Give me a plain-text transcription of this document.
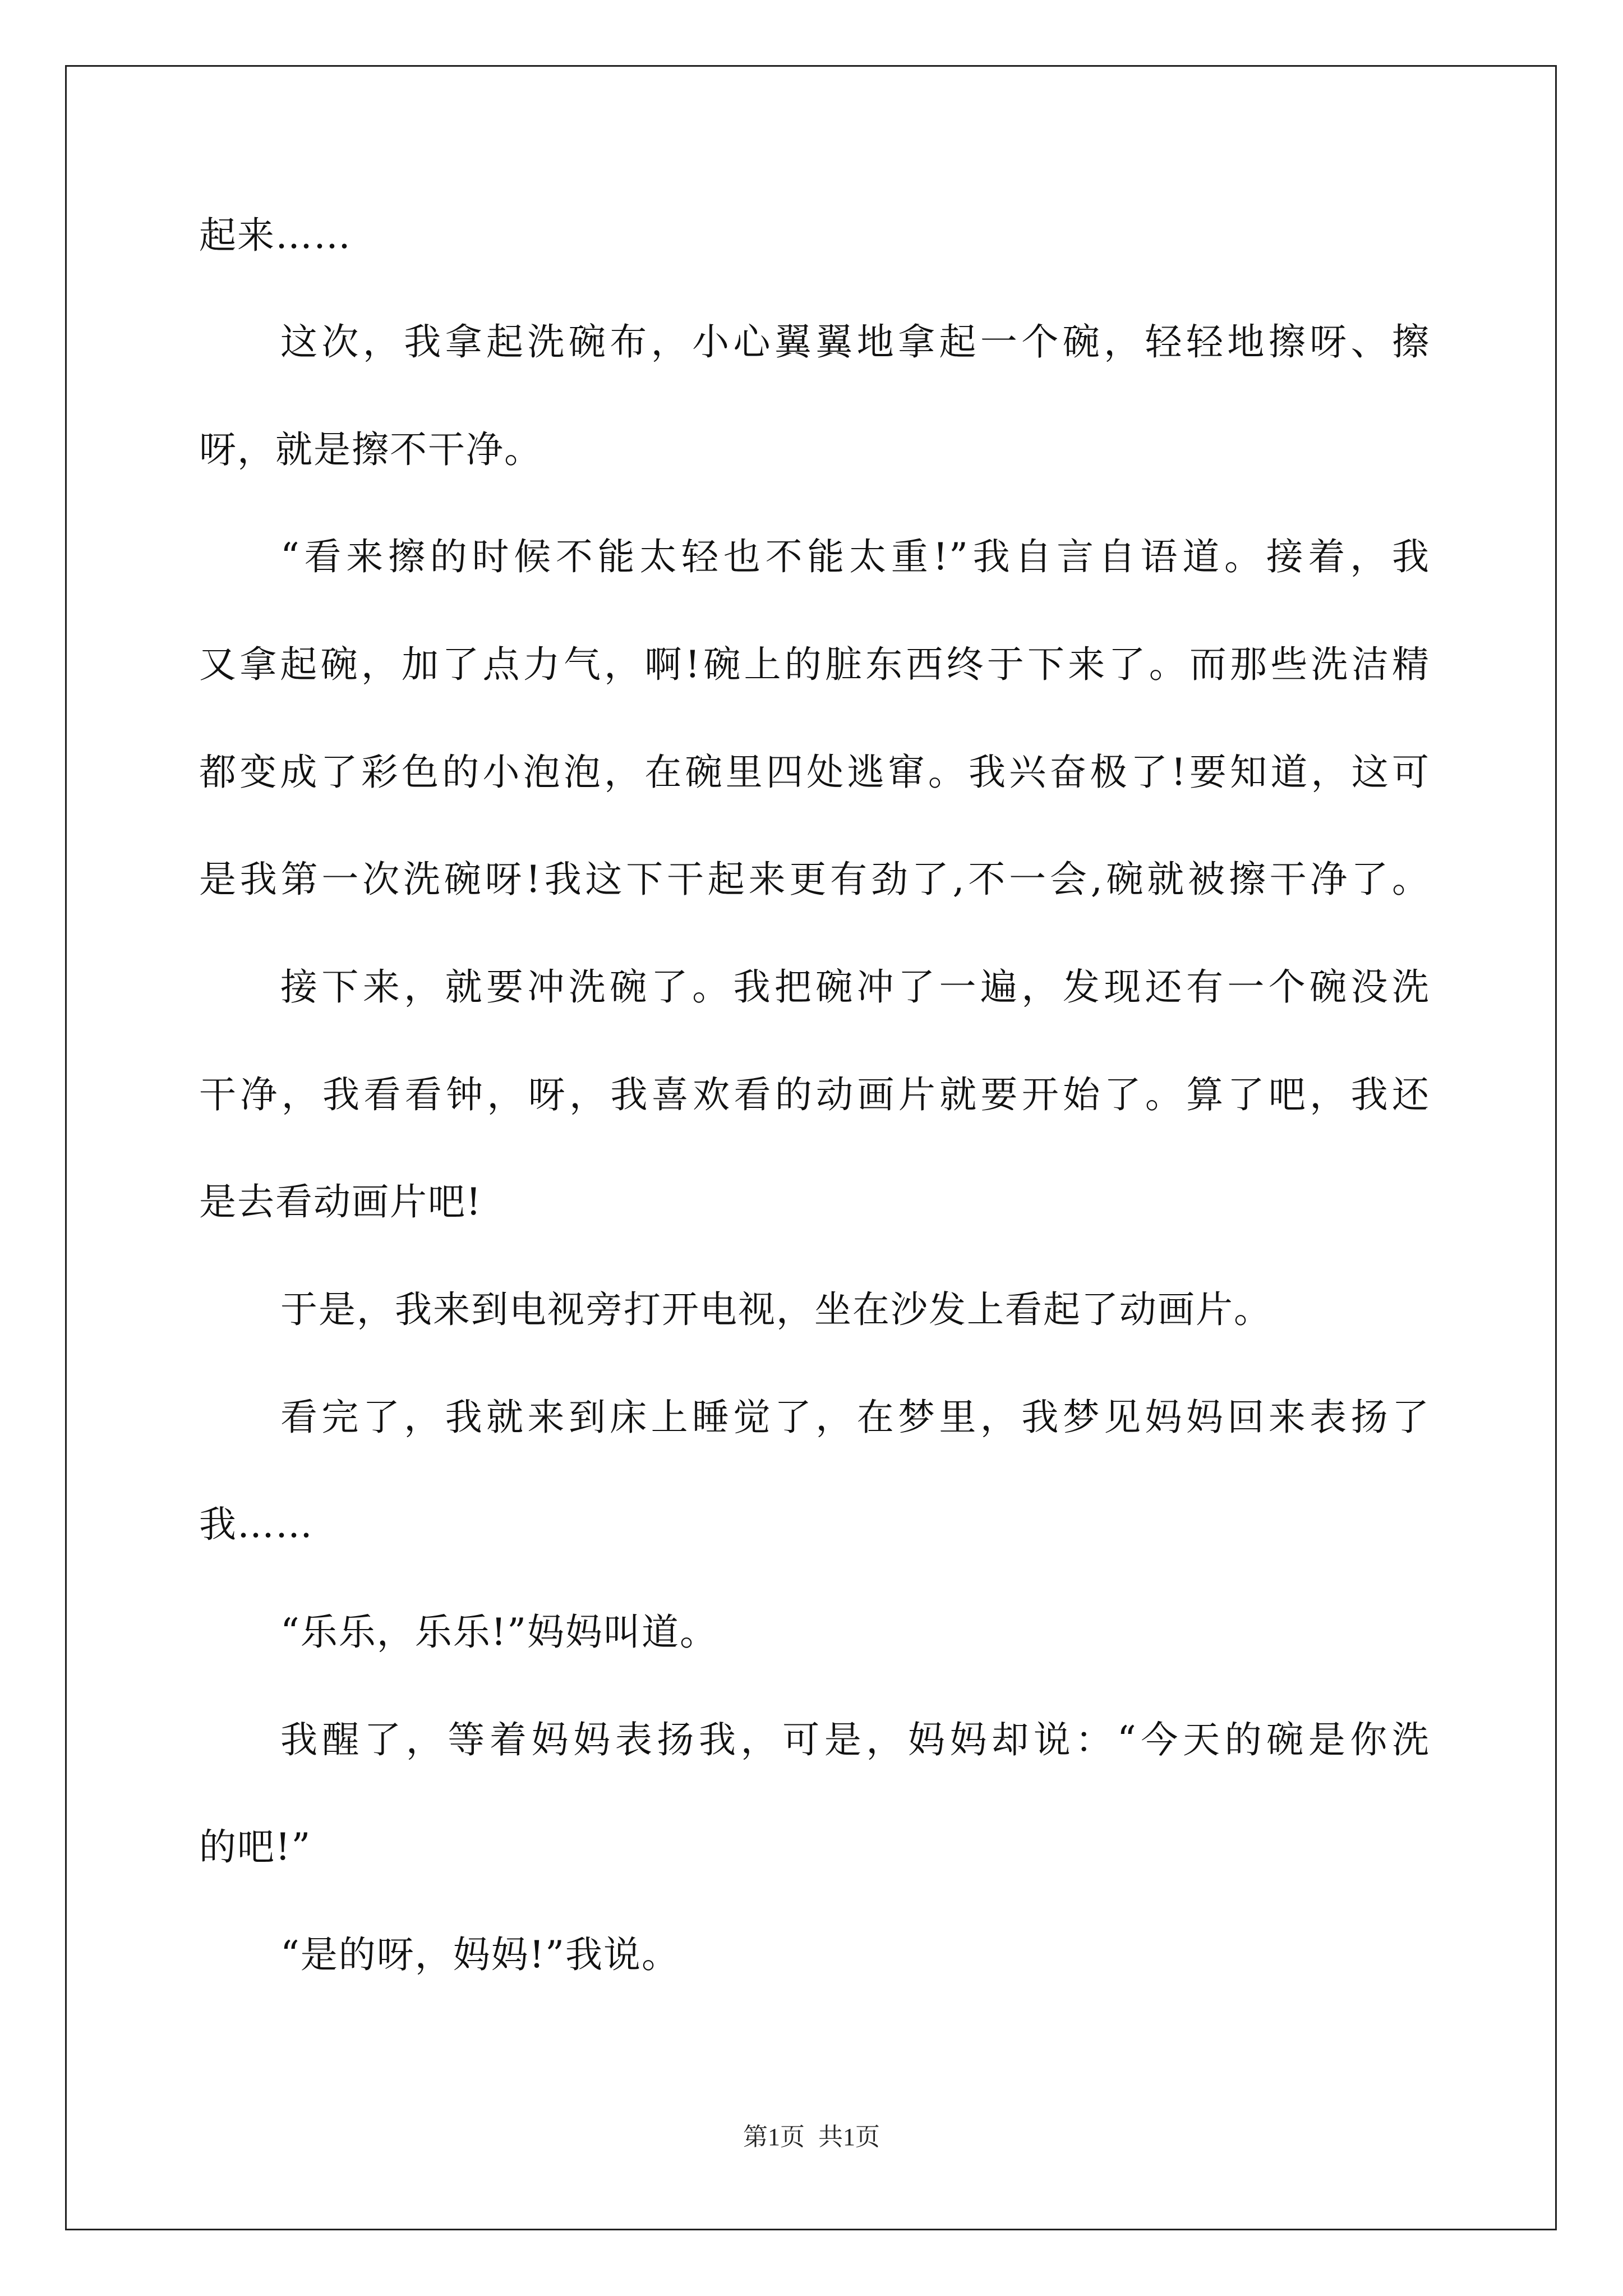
起来……
这次，我拿起洗碗布，小心翼翼地拿起一个碗，轻轻地擦呀、擦
呀，就是擦不干净。
“看来擦的时候不能太轻也不能太重!”我自言自语道。接着，我
又拿起碗，加了点力气，啊!碗上的脏东西终于下来了。而那些洗洁精
都变成了彩色的小泡泡，在碗里四处逃窜。我兴奋极了!要知道，这可
是我第一次洗碗呀!我这下干起来更有劲了,不一会,碗就被擦干净了。
接下来，就要冲洗碗了。我把碗冲了一遍，发现还有一个碗没洗
干净，我看看钟，呀，我喜欢看的动画片就要开始了。算了吧，我还
是去看动画片吧!
于是，我来到电视旁打开电视，坐在沙发上看起了动画片。
看完了，我就来到床上睡觉了，在梦里，我梦见妈妈回来表扬了
我……
“乐乐，乐乐!”妈妈叫道。
我醒了，等着妈妈表扬我，可是，妈妈却说：“今天的碗是你洗
的吧!”
“是的呀，妈妈!”我说。
第1页 共1页
